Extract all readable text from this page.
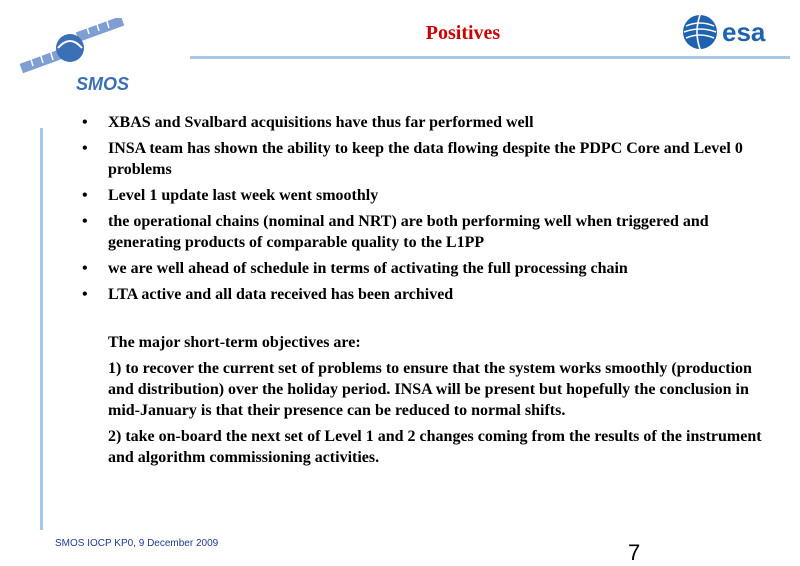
SMOS
esa
Positives
• XBAS and Svalbard acquisitions have thus far performed well
• INSA team has shown the ability to keep the data flowing despite the PDPC Core and Level 0 problems
• Level 1 update last week went smoothly
• the operational chains (nominal and NRT) are both performing well when triggered and generating products of comparable quality to the L1PP
• we are well ahead of schedule in terms of activating the full processing chain
• LTA active and all data received has been archived
The major short-term objectives are:
1) to recover the current set of problems to ensure that the system works smoothly (production and distribution) over the holiday period. INSA will be present but hopefully the conclusion in mid-January is that their presence can be reduced to normal shifts.
2) take on-board the next set of Level 1 and 2 changes coming from the results of the instrument and algorithm commissioning activities.
SMOS IOCP KP0, 9 December 2009	7
